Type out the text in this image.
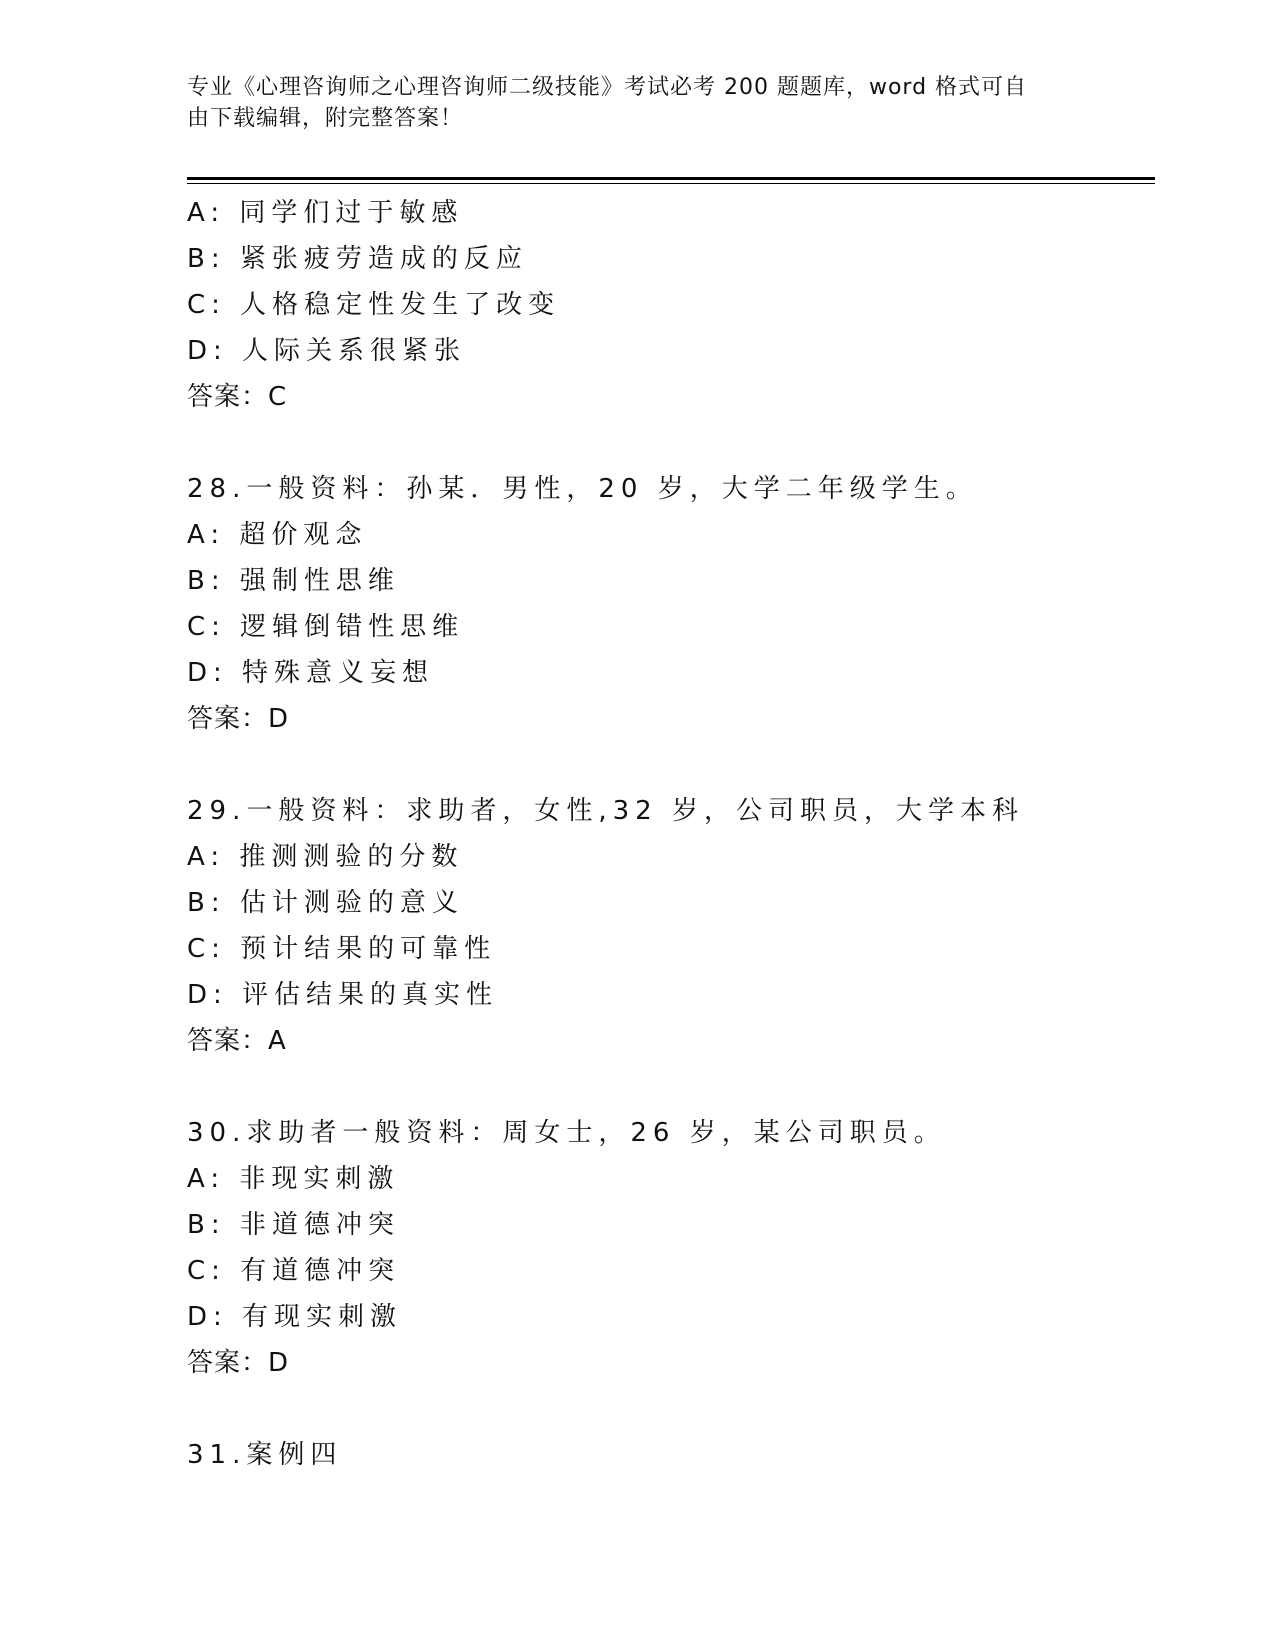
专业《心理咨询师之心理咨询师二级技能》考试必考 200 题题库，word 格式可自
由下载编辑，附完整答案！
A: 同学们过于敏感
B: 紧张疲劳造成的反应
C: 人格稳定性发生了改变
D: 人际关系很紧张
答案：C
28.一般资料：孙某．男性，20 岁，大学二年级学生。
A: 超价观念
B: 强制性思维
C: 逻辑倒错性思维
D: 特殊意义妄想
答案：D
29.一般资料：求助者，女性,32 岁，公司职员，大学本科
A: 推测测验的分数
B: 估计测验的意义
C: 预计结果的可靠性
D: 评估结果的真实性
答案：A
30.求助者一般资料：周女士，26 岁，某公司职员。
A: 非现实刺激
B: 非道德冲突
C: 有道德冲突
D: 有现实刺激
答案：D
31.案例四
